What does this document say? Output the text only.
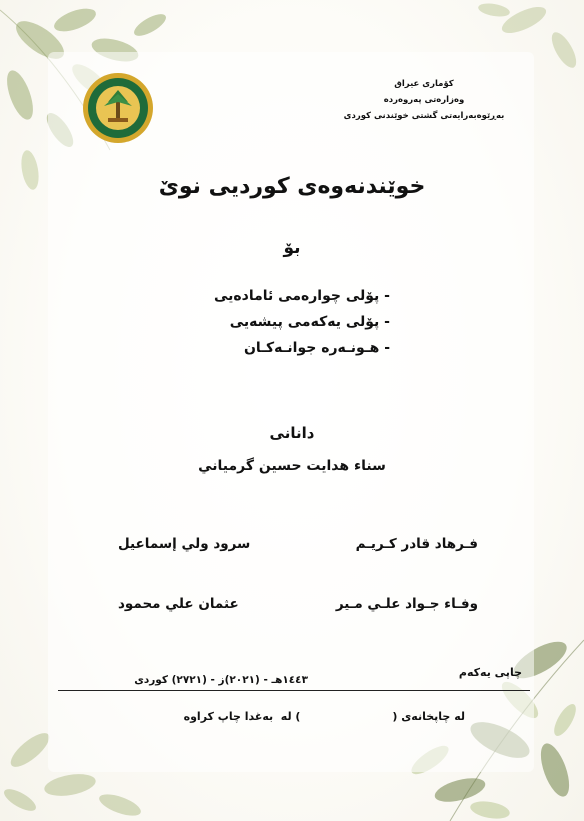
کۆماری عیراق
وەزارەتی پەروەردە
بەڕێوەبەرایەتی گشتی خوێندنی کوردی
خوێندنەوەی کوردیی نوێ
بۆ
- پۆلی چوارەمی ئامادەیی
- پۆلی یەکەمی پیشەیی
- هـونـەرە جوانـەکـان
دانانی
سناء هدایت حسین گرمیاني
فـرهاد قادر کـریـم
سرود ولي إسماعیل
وفـاء جـواد علـي مـیر
عثمان علي محمود
چاپی یەکەم
١٤٤٣هـ - (٢٠٢١)ز - (٢٧٢١) کوردی
لە چاپخانەی (                        ) لە  بەغدا چاپ کراوە
